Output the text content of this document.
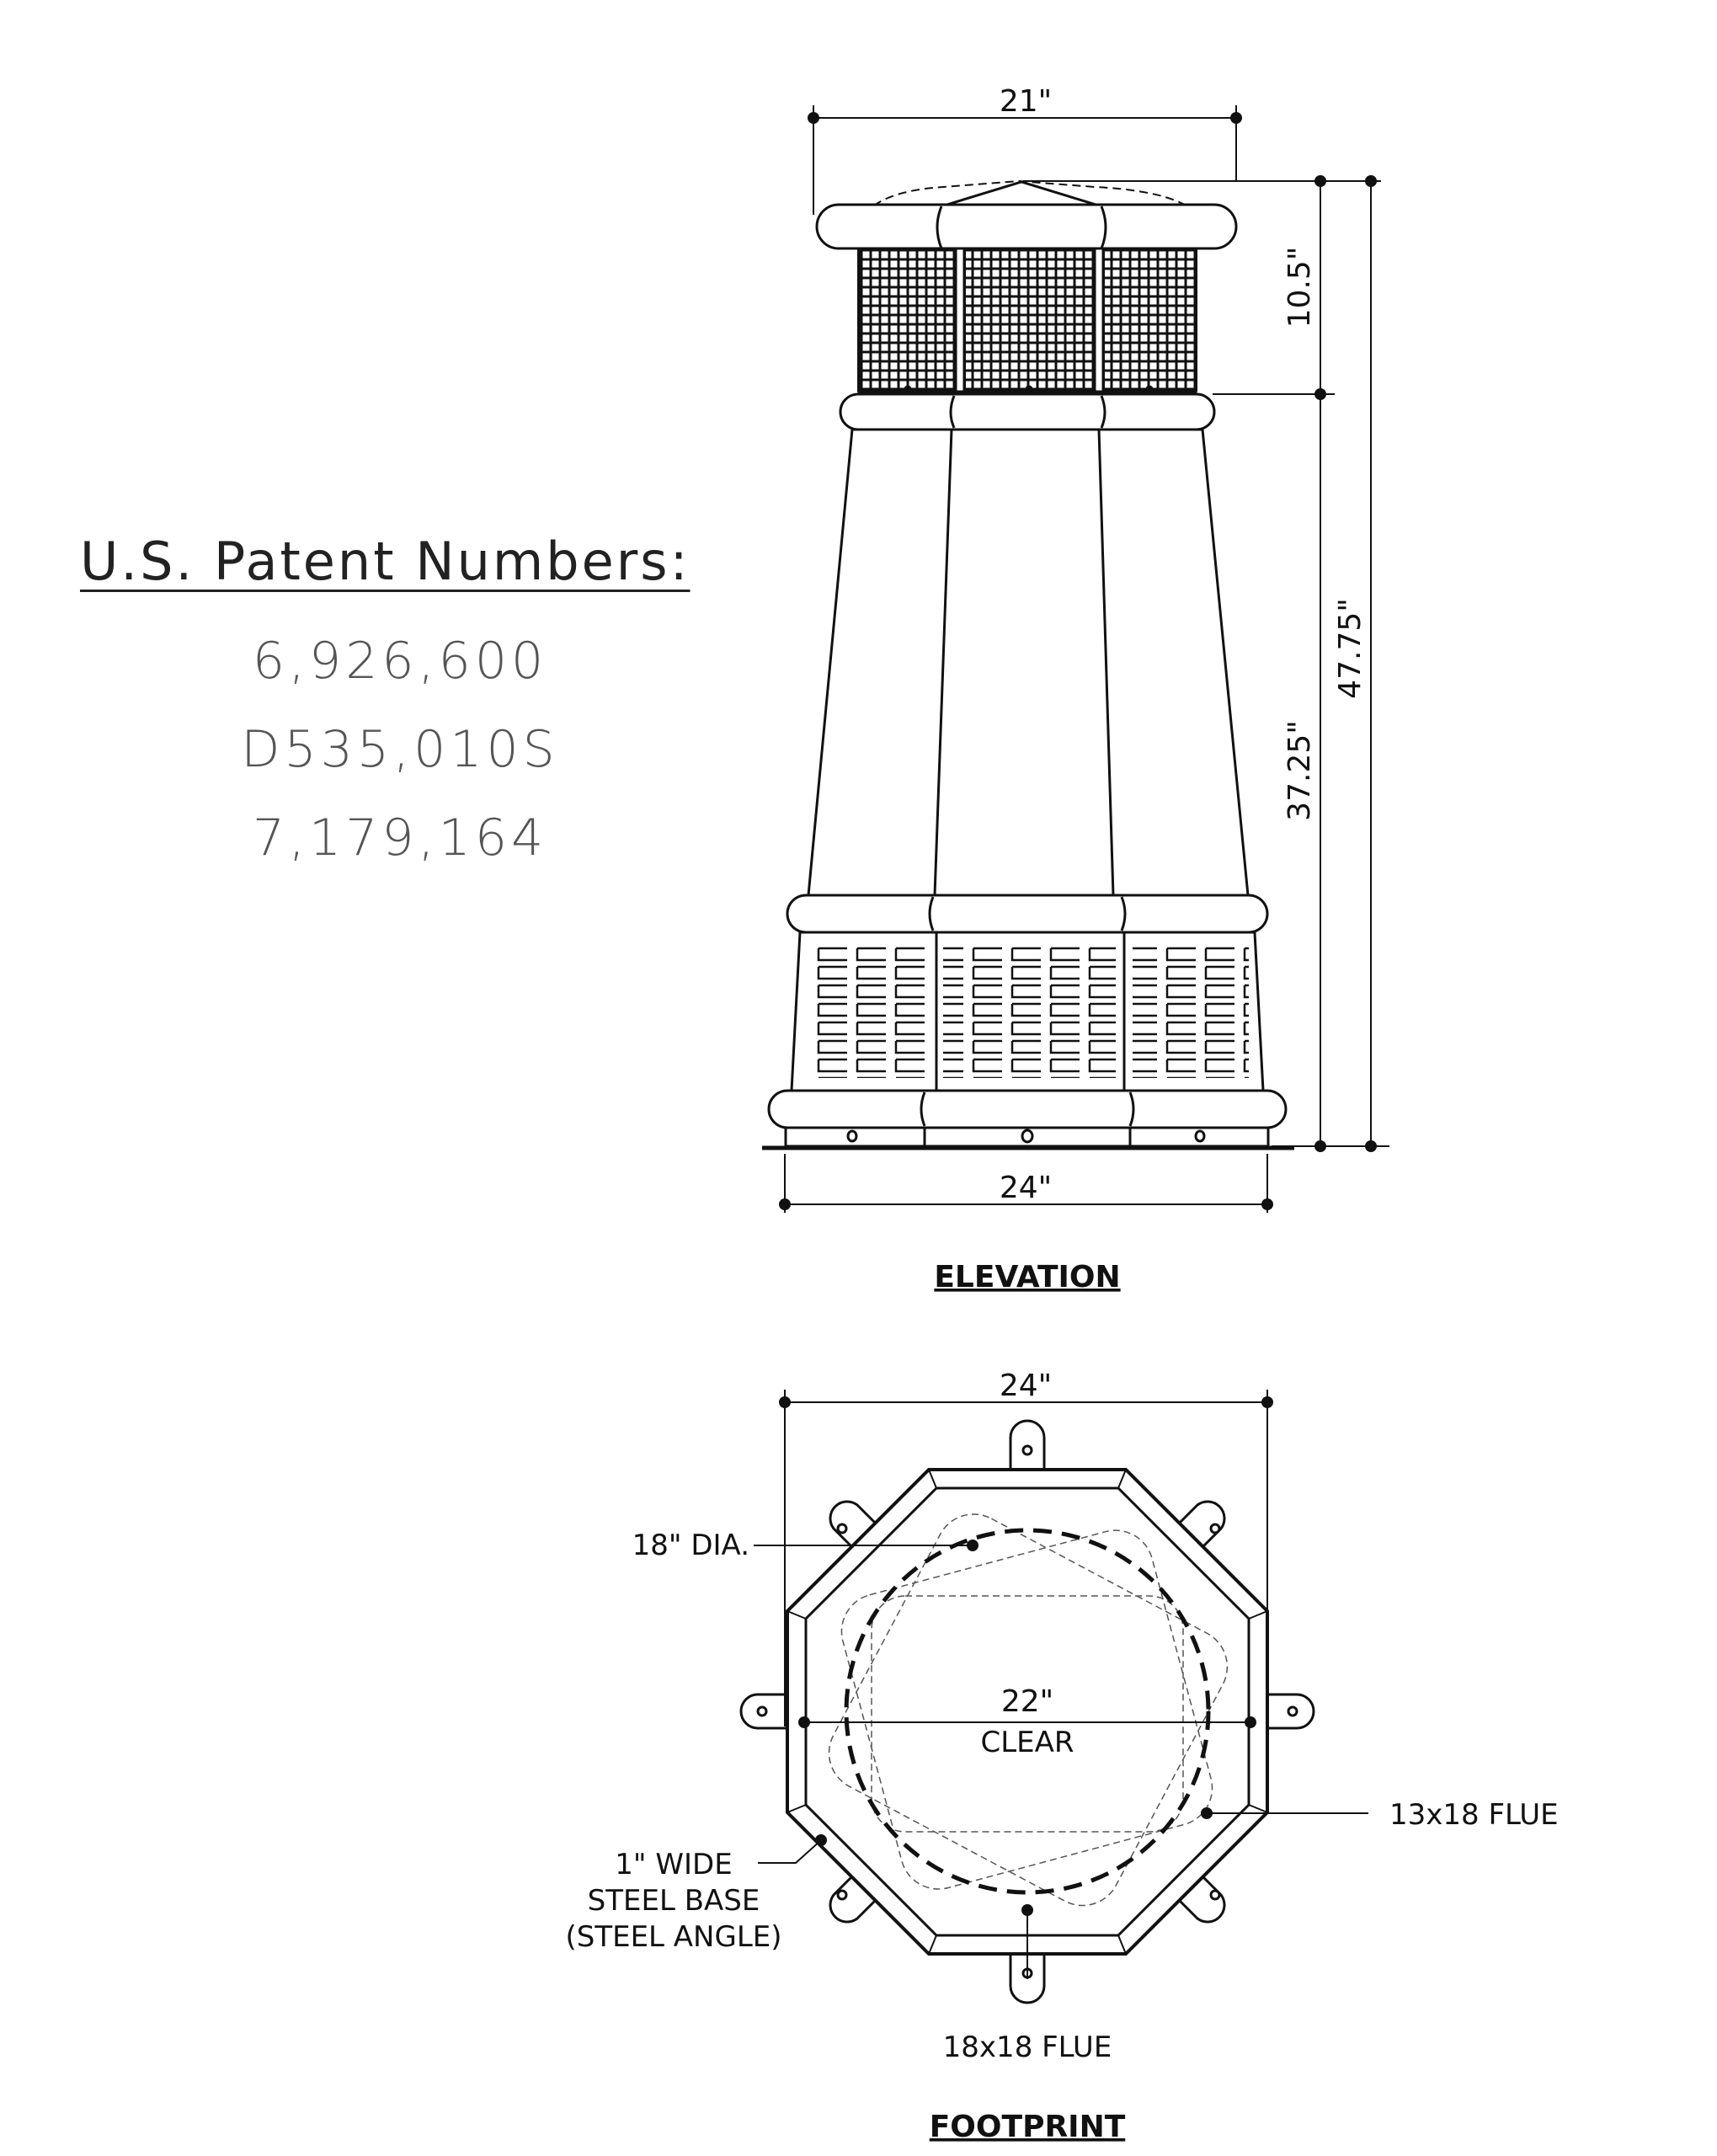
U.S. Patent Numbers:
6,926,600
D535,010S
7,179,164
21"
10.5"
37.25"
47.75"
24"
ELEVATION
24"
18" DIA.
22"
CLEAR
13x18 FLUE
18x18 FLUE
1" WIDE
STEEL BASE
(STEEL ANGLE)
FOOTPRINT
